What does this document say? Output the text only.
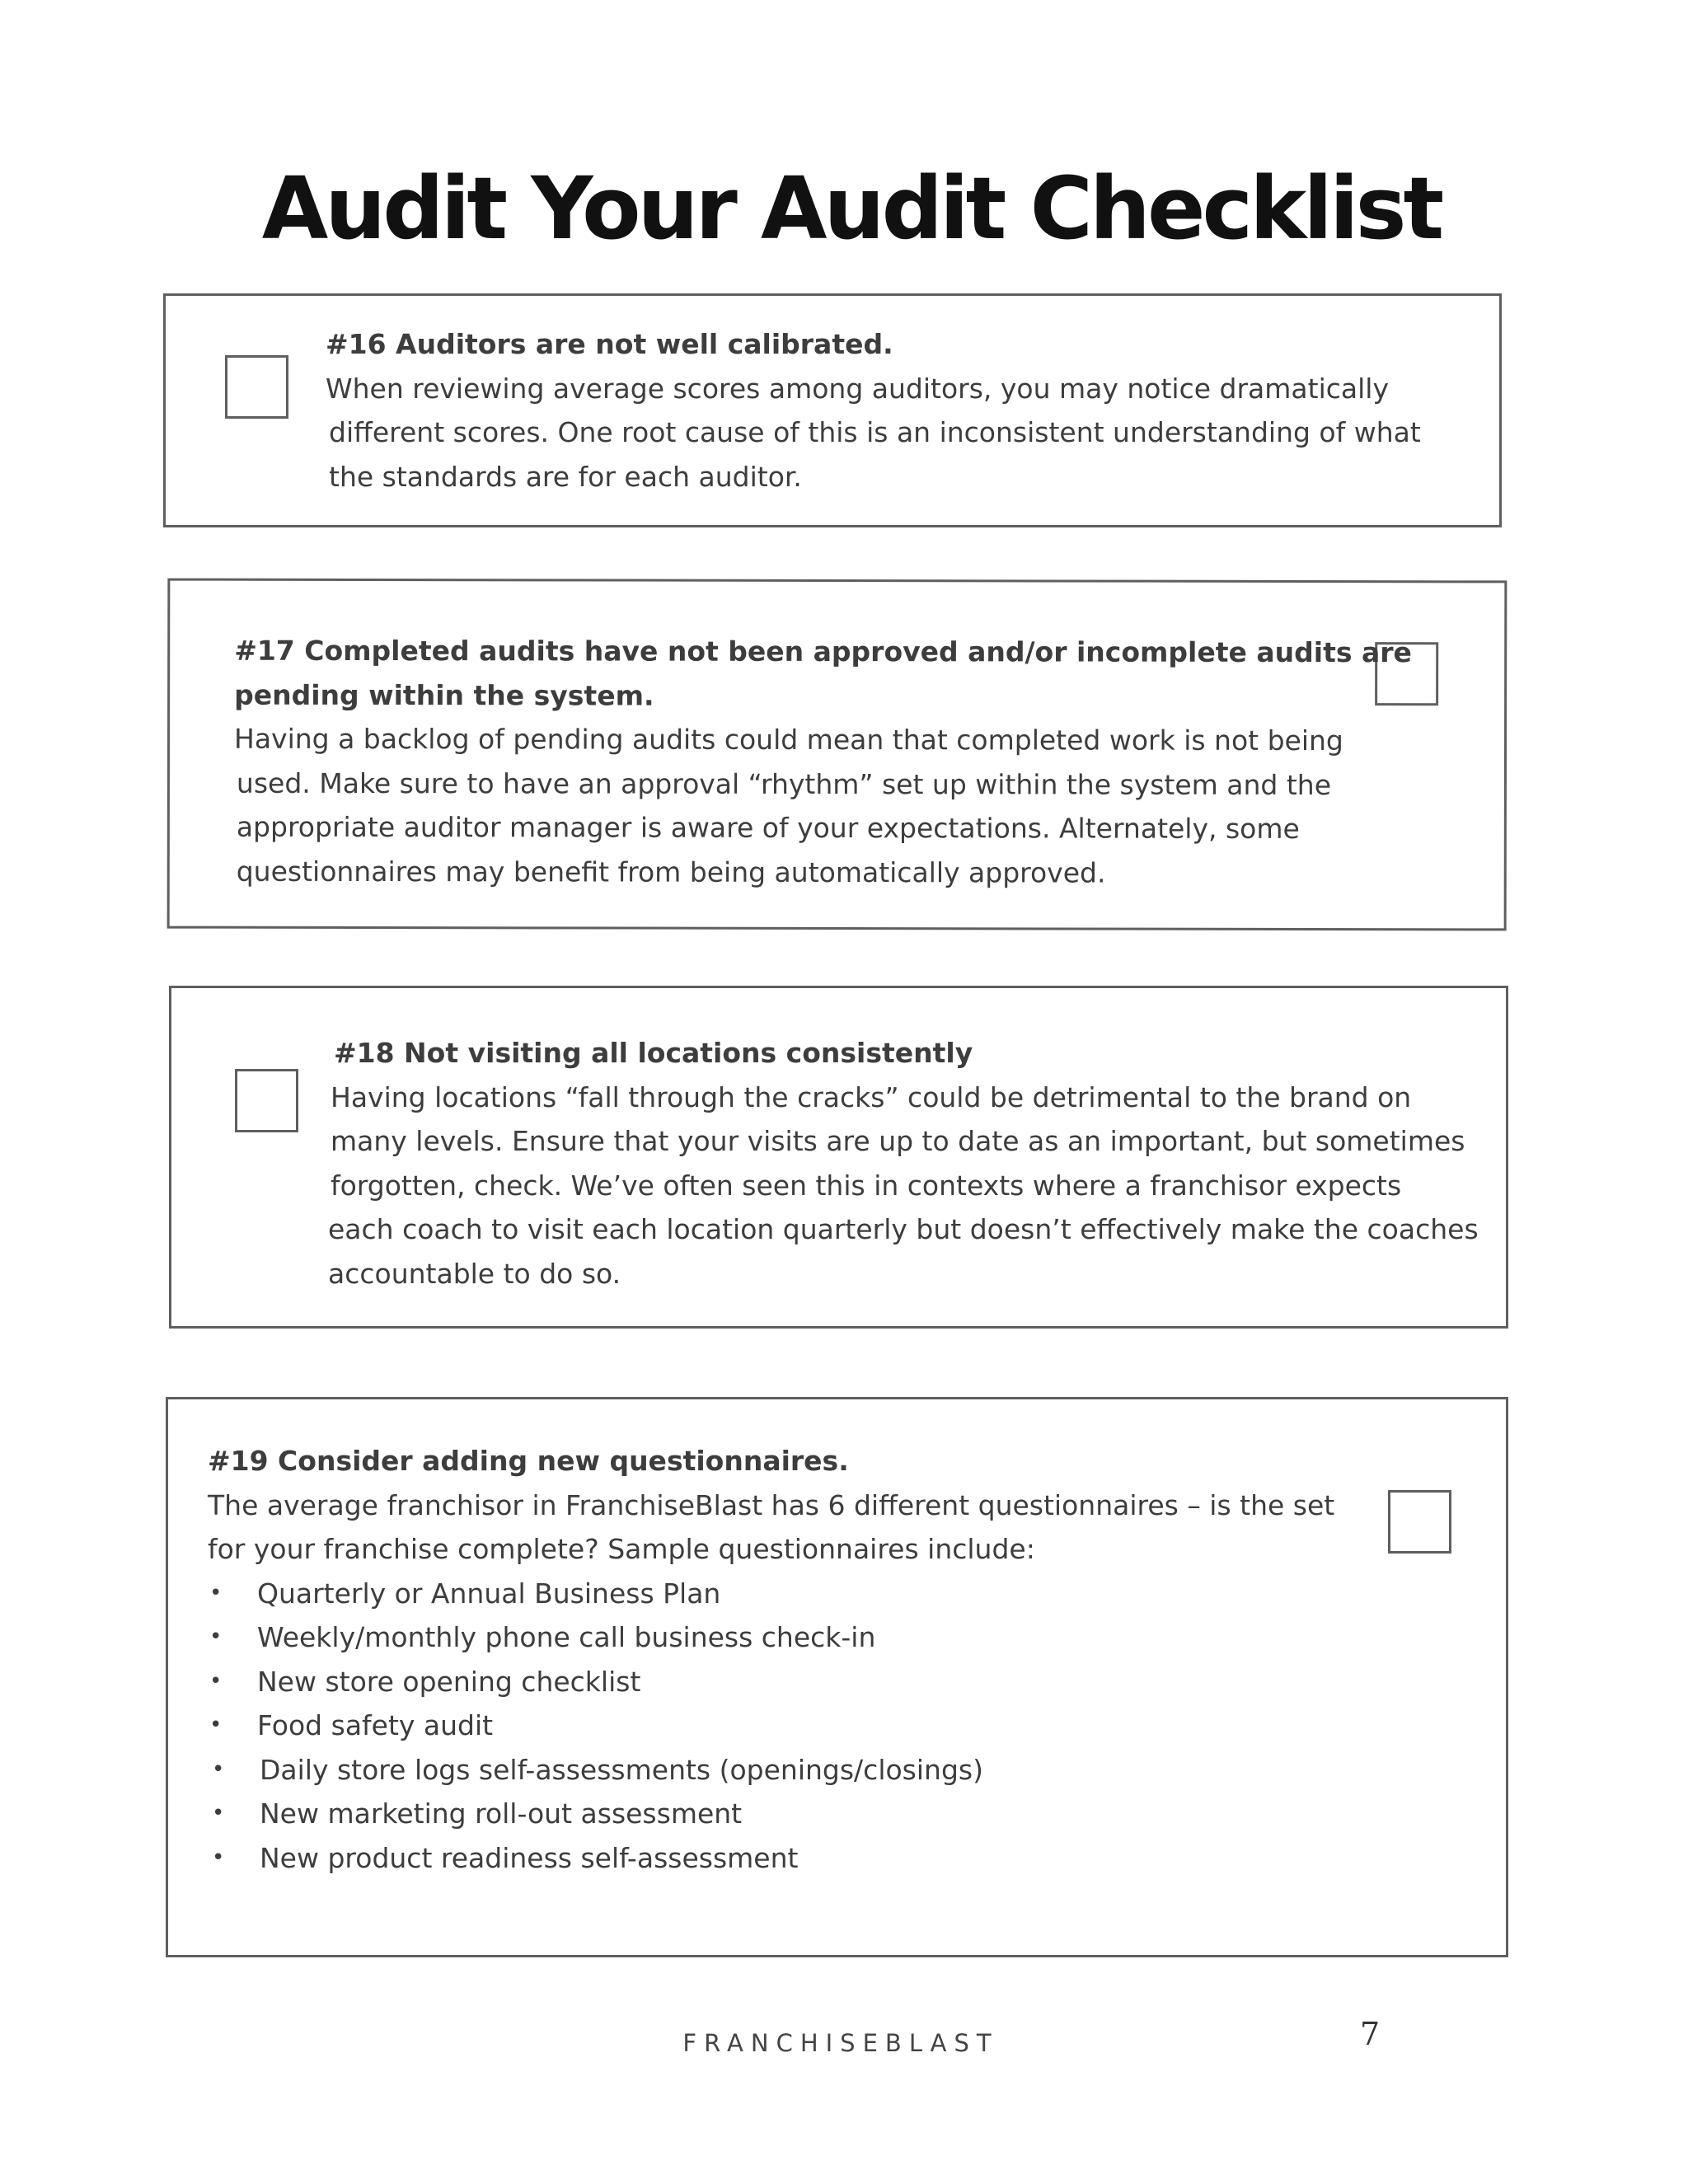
Audit Your Audit Checklist
#16 Auditors are not well calibrated.
When reviewing average scores among auditors, you may notice dramatically
different scores. One root cause of this is an inconsistent understanding of what
the standards are for each auditor.
#17 Completed audits have not been approved and/or incomplete audits are
pending within the system.
Having a backlog of pending audits could mean that completed work is not being
used. Make sure to have an approval “rhythm” set up within the system and the
appropriate auditor manager is aware of your expectations. Alternately, some
questionnaires may benefit from being automatically approved.
#18 Not visiting all locations consistently
Having locations “fall through the cracks” could be detrimental to the brand on
many levels. Ensure that your visits are up to date as an important, but sometimes
forgotten, check. We’ve often seen this in contexts where a franchisor expects
each coach to visit each location quarterly but doesn’t effectively make the coaches
accountable to do so.
#19 Consider adding new questionnaires.
The average franchisor in FranchiseBlast has 6 different questionnaires – is the set
for your franchise complete? Sample questionnaires include:
• Quarterly or Annual Business Plan
• Weekly/monthly phone call business check-in
• New store opening checklist
• Food safety audit
• Daily store logs self-assessments (openings/closings)
• New marketing roll-out assessment
• New product readiness self-assessment
FRANCHISEBLAST	7
